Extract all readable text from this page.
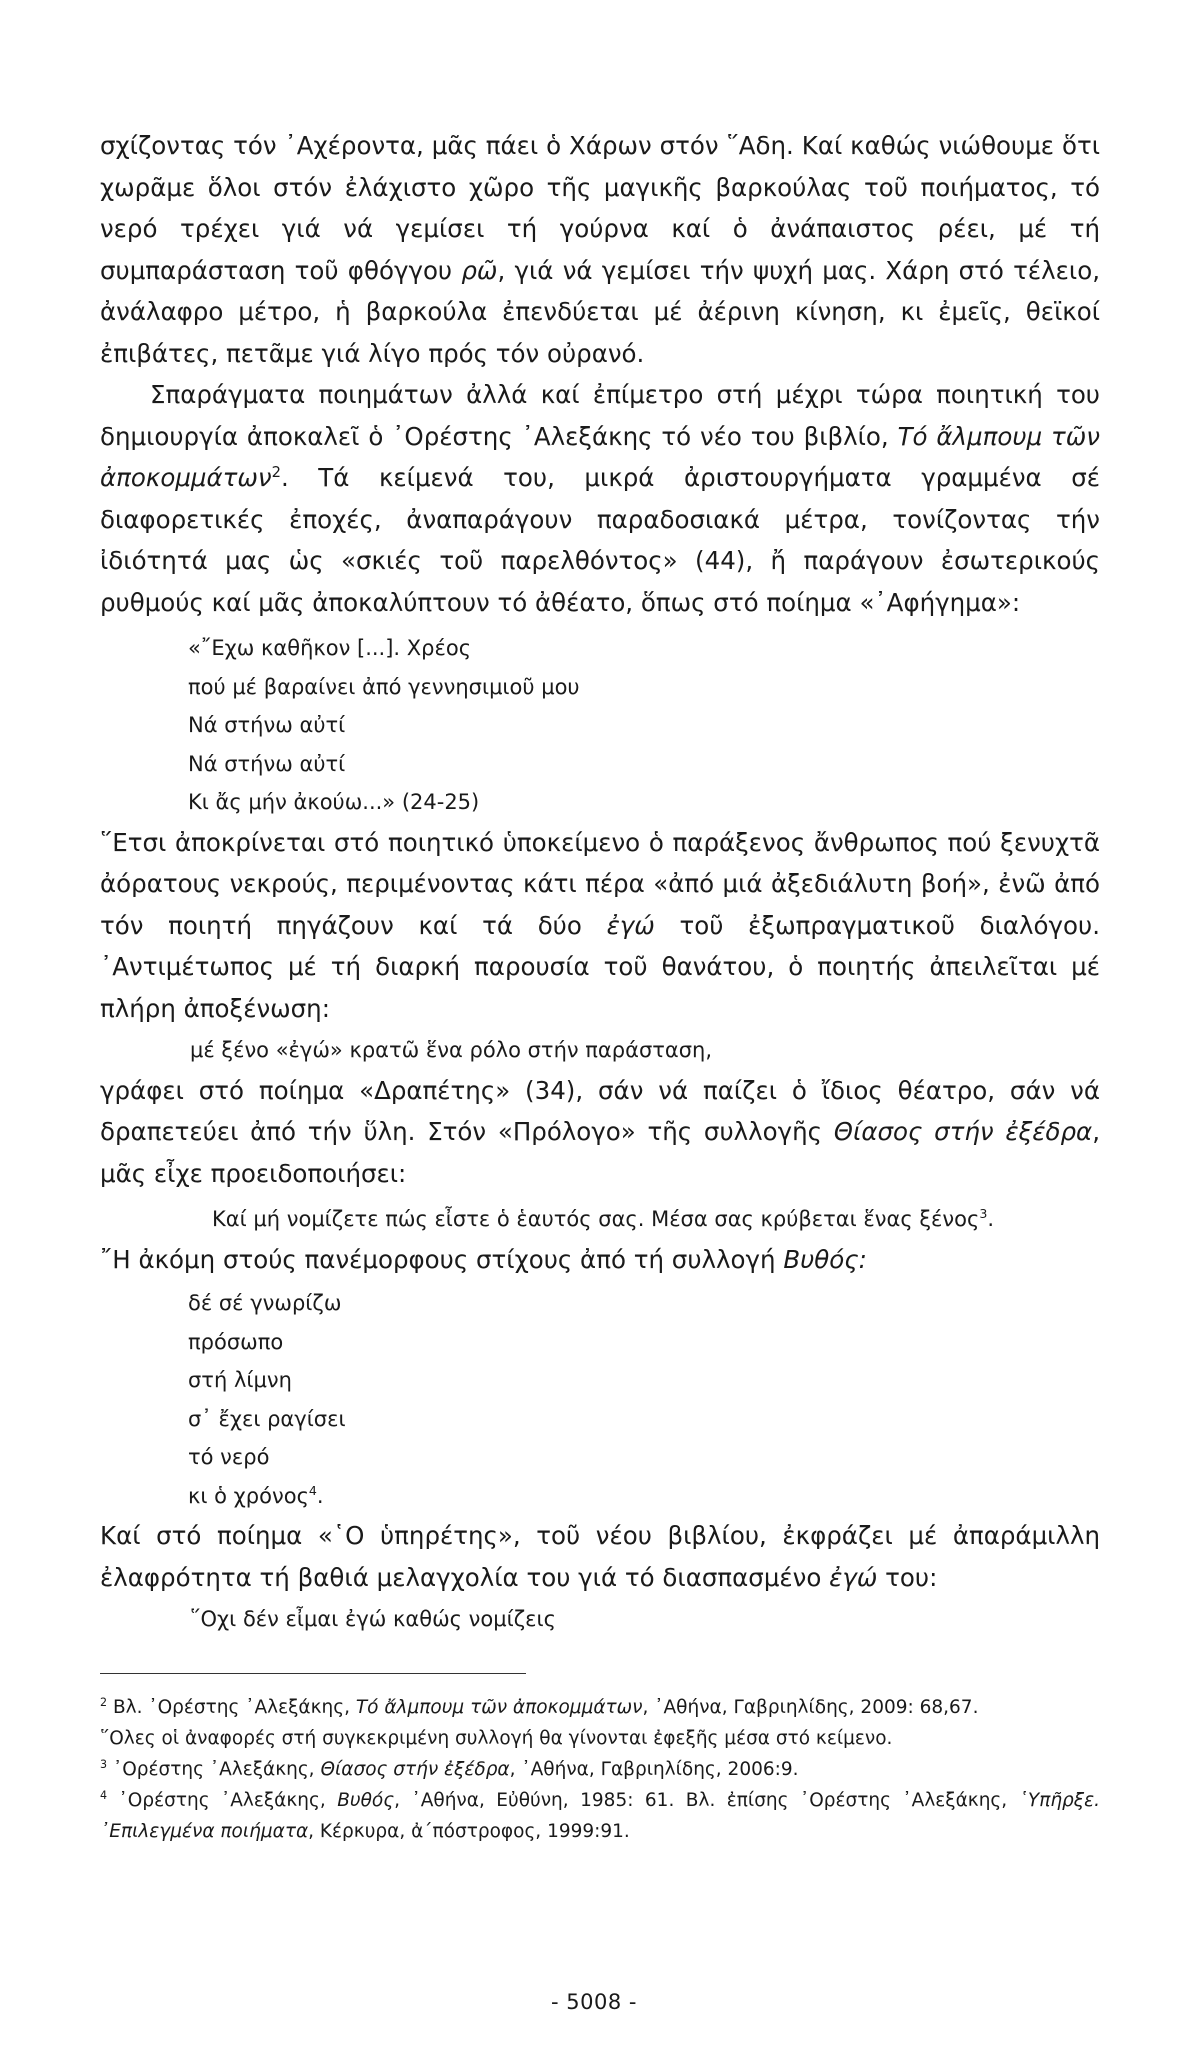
σχίζοντας τόν ᾿Αχέροντα, μᾶς πάει ὁ Χάρων στόν ῞Αδη. Καί καθώς νιώθουμε ὅτι χωρᾶμε ὅλοι στόν ἐλάχιστο χῶρο τῆς μαγικῆς βαρκούλας τοῦ ποιήματος, τό νερό τρέχει γιά νά γεμίσει τή γούρνα καί ὁ ἀνάπαιστος ρέει, μέ τή συμπαράσταση τοῦ φθόγγου ρῶ, γιά νά γεμίσει τήν ψυχή μας. Χάρη στό τέλειο, ἀνάλαφρο μέτρο, ἡ βαρκούλα ἐπενδύεται μέ ἀέρινη κίνηση, κι ἐμεῖς, θεϊκοί ἐπιβάτες, πετᾶμε γιά λίγο πρός τόν οὐρανό.

Σπαράγματα ποιημάτων ἀλλά καί ἐπίμετρο στή μέχρι τώρα ποιητική του δημιουργία ἀποκαλεῖ ὁ ᾿Ορέστης ᾿Αλεξάκης τό νέο του βιβλίο, Τό ἄλμπουμ τῶν ἀποκομμάτων$^2$. Τά κείμενά του, μικρά ἀριστουργήματα γραμμένα σέ διαφορετικές ἐποχές, ἀναπαράγουν παραδοσιακά μέτρα, τονίζοντας τήν ἰδιότητά μας ὡς «σκιές τοῦ παρελθόντος» (44), ἤ παράγουν ἐσωτερικούς ρυθμούς καί μᾶς ἀποκαλύπτουν τό ἀθέατο, ὅπως στό ποίημα «᾿Αφήγημα»:

«῎Εχω καθῆκον [...]. Χρέος

πού μέ βαραίνει ἀπό γεννησιμιοῦ μου

Νά στήνω αὐτί

Νά στήνω αὐτί

Κι ἄς μήν ἀκούω...» (24-25)

῞Ετσι ἀποκρίνεται στό ποιητικό ὑποκείμενο ὁ παράξενος ἄνθρωπος πού ξενυχτᾶ ἀόρατους νεκρούς, περιμένοντας κάτι πέρα «ἀπό μιά ἀξεδιάλυτη βοή», ἐνῶ ἀπό τόν ποιητή πηγάζουν καί τά δύο ἐγώ τοῦ ἐξωπραγματικοῦ διαλόγου. ᾿Αντιμέτωπος μέ τή διαρκή παρουσία τοῦ θανάτου, ὁ ποιητής ἀπειλεῖται μέ πλήρη ἀποξένωση:

μέ ξένο «ἐγώ» κρατῶ ἕνα ρόλο στήν παράσταση,

γράφει στό ποίημα «Δραπέτης» (34), σάν νά παίζει ὁ ἴδιος θέατρο, σάν νά δραπετεύει ἀπό τήν ὕλη. Στόν «Πρόλογο» τῆς συλλογῆς Θίασος στήν ἐξέδρα, μᾶς εἶχε προειδοποιήσει:

Καί μή νομίζετε πώς εἶστε ὁ ἑαυτός σας. Μέσα σας κρύβεται ἕνας ξένος$^3$.

῎Η ἀκόμη στούς πανέμορφους στίχους ἀπό τή συλλογή Βυθός:

δέ σέ γνωρίζω

πρόσωπο

στή λίμνη

σ᾿ ἔχει ραγίσει

τό νερό

κι ὁ χρόνος$^4$.

Καί στό ποίημα «῾Ο ὑπηρέτης», τοῦ νέου βιβλίου, ἐκφράζει μέ ἀπαράμιλλη ἐλαφρότητα τή βαθιά μελαγχολία του γιά τό διασπασμένο ἐγώ του:

῞Οχι δέν εἶμαι ἐγώ καθώς νομίζεις

$^2$ Βλ. ᾿Ορέστης ᾿Αλεξάκης, Τό ἄλμπουμ τῶν ἀποκομμάτων, ᾿Αθήνα, Γαβριηλίδης, 2009: 68,67.

῞Ολες οἱ ἀναφορές στή συγκεκριμένη συλλογή θα γίνονται ἐφεξῆς μέσα στό κείμενο.

$^3$ ᾿Ορέστης ᾿Αλεξάκης, Θίασος στήν ἐξέδρα, ᾿Αθήνα, Γαβριηλίδης, 2006:9.

$^4$ ᾿Ορέστης ᾿Αλεξάκης, Βυθός, ᾿Αθήνα, Εὐθύνη, 1985: 61. Βλ. ἐπίσης ᾿Ορέστης ᾿Αλεξάκης, ῾Υπῆρξε. ᾿Επιλεγμένα ποιήματα, Κέρκυρα, ἀ΄πόστροφος, 1999:91.

- 5008 -
